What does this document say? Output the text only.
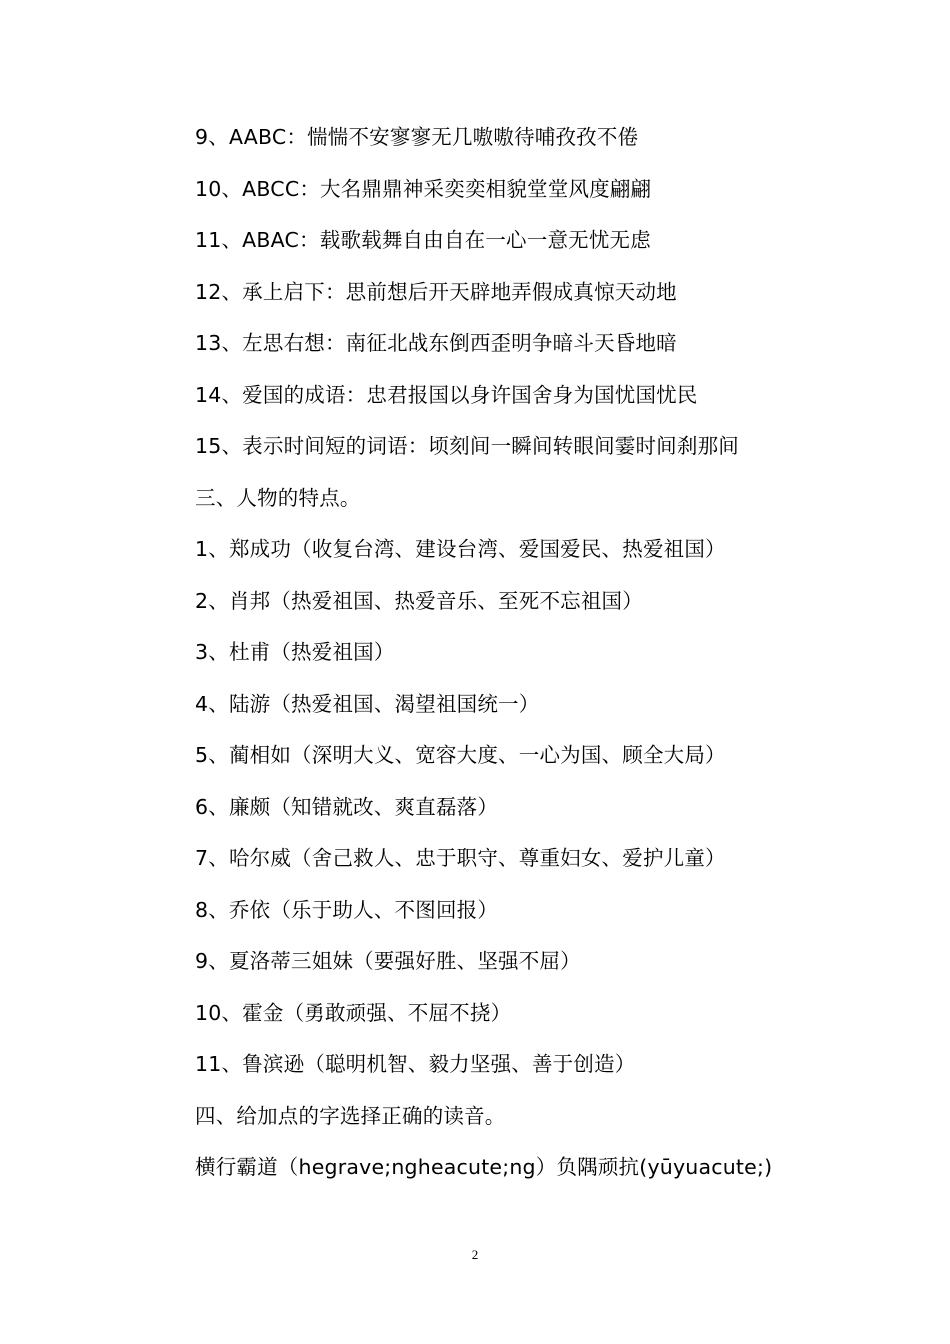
9、AABC：惴惴不安寥寥无几嗷嗷待哺孜孜不倦
10、ABCC：大名鼎鼎神采奕奕相貌堂堂风度翩翩
11、ABAC：载歌载舞自由自在一心一意无忧无虑
12、承上启下：思前想后开天辟地弄假成真惊天动地
13、左思右想：南征北战东倒西歪明争暗斗天昏地暗
14、爱国的成语：忠君报国以身许国舍身为国忧国忧民
15、表示时间短的词语：顷刻间一瞬间转眼间霎时间刹那间
三、人物的特点。
1、郑成功（收复台湾、建设台湾、爱国爱民、热爱祖国）
2、肖邦（热爱祖国、热爱音乐、至死不忘祖国）
3、杜甫（热爱祖国）
4、陆游（热爱祖国、渴望祖国统一）
5、蔺相如（深明大义、宽容大度、一心为国、顾全大局）
6、廉颇（知错就改、爽直磊落）
7、哈尔威（舍己救人、忠于职守、尊重妇女、爱护儿童）
8、乔依（乐于助人、不图回报）
9、夏洛蒂三姐妹（要强好胜、坚强不屈）
10、霍金（勇敢顽强、不屈不挠）
11、鲁滨逊（聪明机智、毅力坚强、善于创造）
四、给加点的字选择正确的读音。
横行霸道（hegrave;ngheacute;ng）负隅顽抗(yūyuacute;)
2
